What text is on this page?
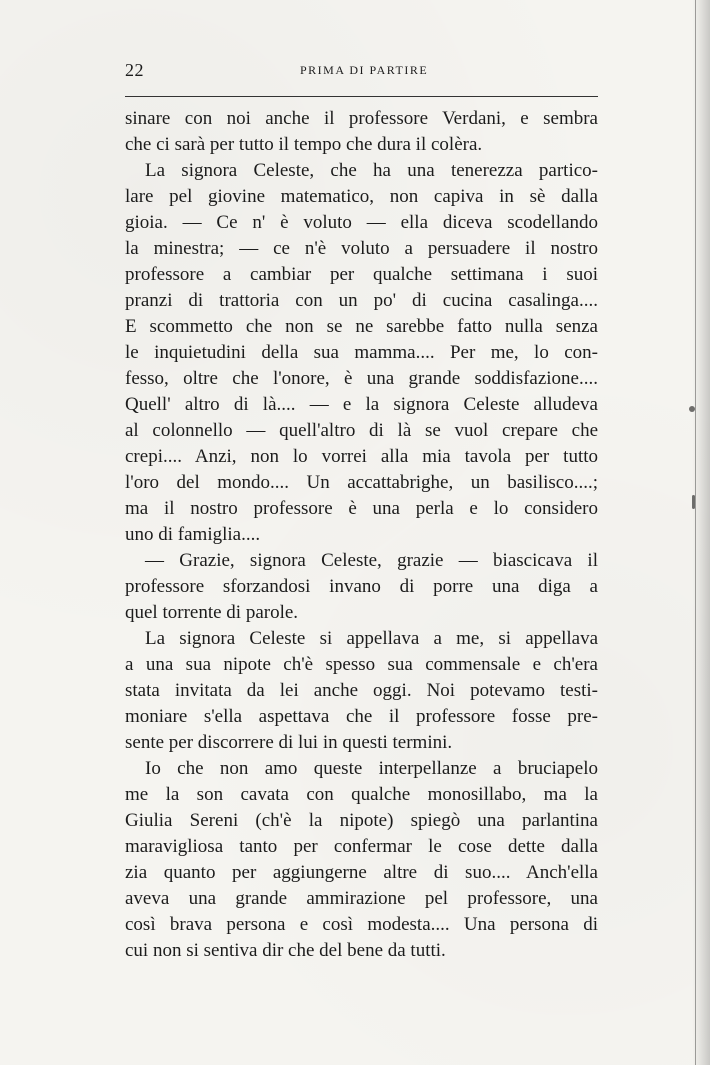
22	PRIMA DI PARTIRE
sinare con noi anche il professore Verdani, e sembra
che ci sarà per tutto il tempo che dura il colèra.
La signora Celeste, che ha una tenerezza partico-
lare pel giovine matematico, non capiva in sè dalla
gioia. — Ce n' è voluto — ella diceva scodellando
la minestra; — ce n'è voluto a persuadere il nostro
professore a cambiar per qualche settimana i suoi
pranzi di trattoria con un po' di cucina casalinga....
E scommetto che non se ne sarebbe fatto nulla senza
le inquietudini della sua mamma.... Per me, lo con-
fesso, oltre che l'onore, è una grande soddisfazione....
Quell' altro di là.... — e la signora Celeste alludeva
al colonnello — quell'altro di là se vuol crepare che
crepi.... Anzi, non lo vorrei alla mia tavola per tutto
l'oro del mondo.... Un accattabrighe, un basilisco....;
ma il nostro professore è una perla e lo considero
uno di famiglia....
— Grazie, signora Celeste, grazie — biascicava il
professore sforzandosi invano di porre una diga a
quel torrente di parole.
La signora Celeste si appellava a me, si appellava
a una sua nipote ch'è spesso sua commensale e ch'era
stata invitata da lei anche oggi. Noi potevamo testi-
moniare s'ella aspettava che il professore fosse pre-
sente per discorrere di lui in questi termini.
Io che non amo queste interpellanze a bruciapelo
me la son cavata con qualche monosillabo, ma la
Giulia Sereni (ch'è la nipote) spiegò una parlantina
maravigliosa tanto per confermar le cose dette dalla
zia quanto per aggiungerne altre di suo.... Anch'ella
aveva una grande ammirazione pel professore, una
così brava persona e così modesta.... Una persona di
cui non si sentiva dir che del bene da tutti.
